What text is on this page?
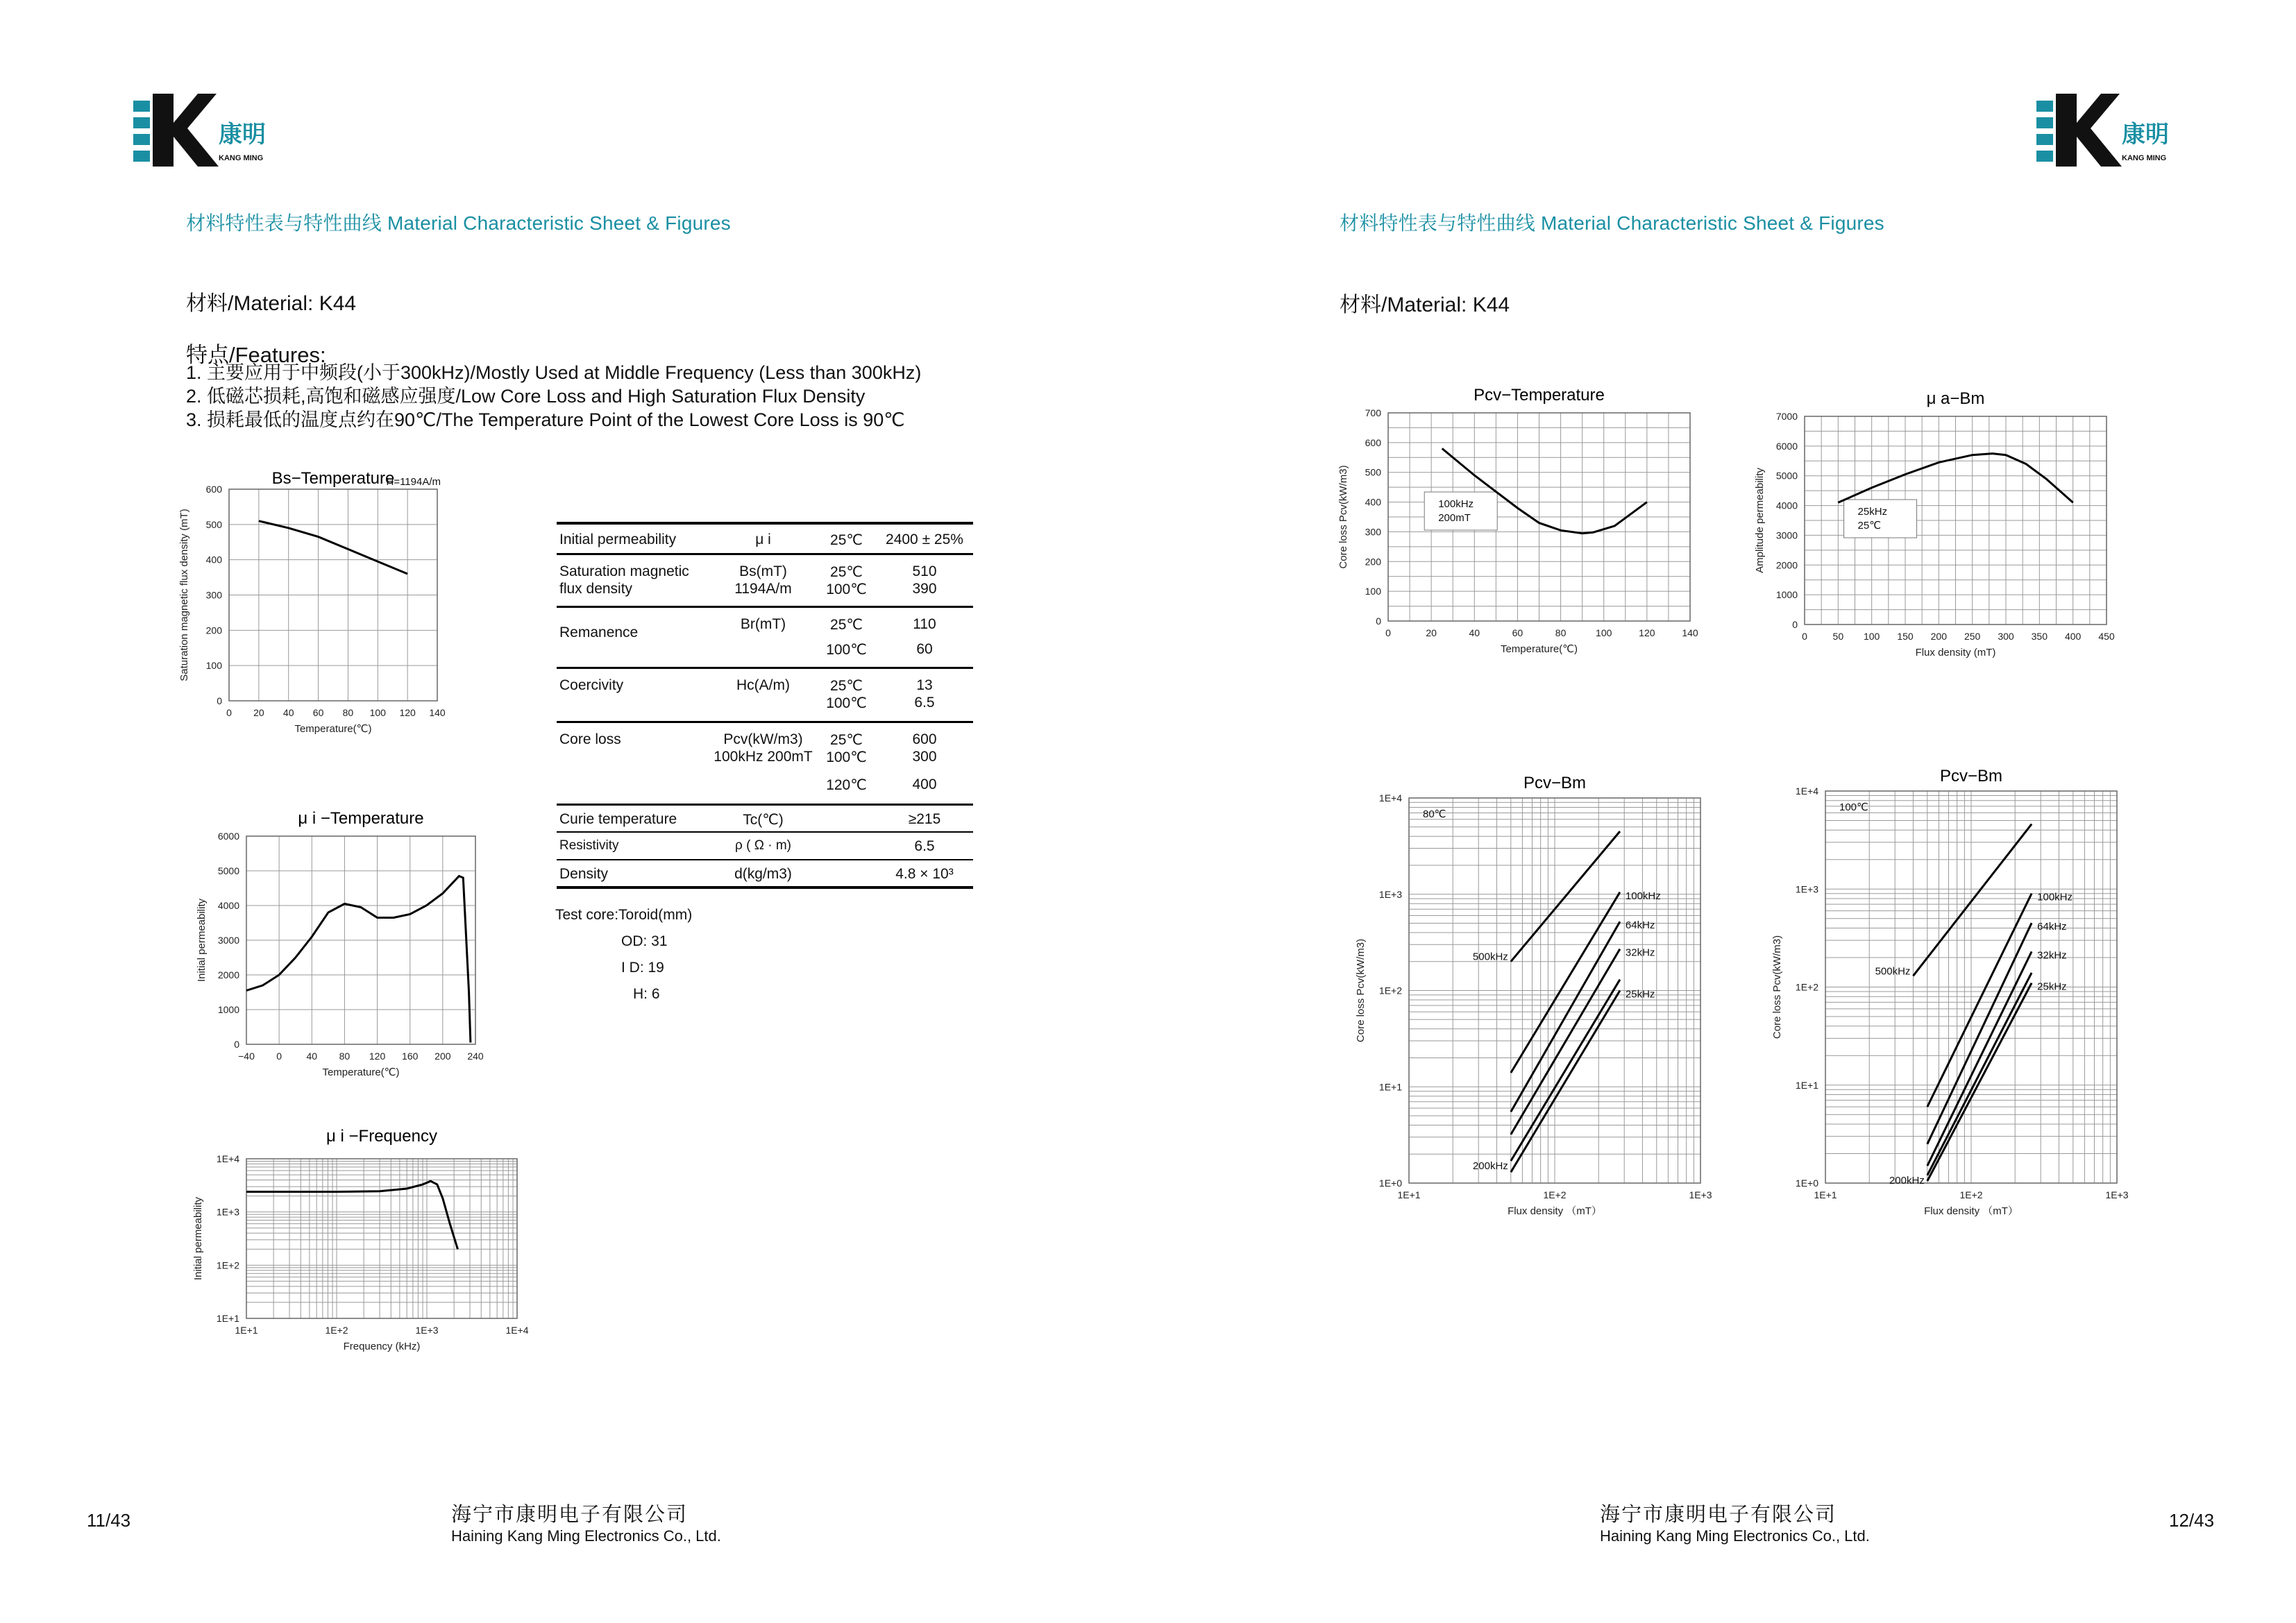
康明
KANG MING
康明
KANG MING
材料特性表与特性曲线 Material Characteristic Sheet & Figures	材料特性表与特性曲线 Material Characteristic Sheet & Figures
材料/Material: K44	材料/Material: K44
特点/Features:
1. 主要应用于中频段(小于300kHz)/Mostly Used at Middle Frequency (Less than 300kHz)
2. 低磁芯损耗,高饱和磁感应强度/Low Core Loss and High Saturation Flux Density
3. 损耗最低的温度点约在90℃/The Temperature Point of the Lowest Core Loss is 90℃
Initial permeability	μ i	25℃	2400 ± 25%
Saturation magnetic	Bs(mT)	25℃	510
flux density	1194A/m	100℃	390
Remanence	Br(mT)	25℃	110
		100℃	60
Coercivity	Hc(A/m)	25℃	13
		100℃	6.5
Core loss	Pcv(kW/m3)	25℃	600
	100kHz 200mT	100℃	300
		120℃	400
Curie temperature	Tc(℃)		≥215
Resistivity	ρ ( Ω · m)		6.5
Density	d(kg/m3)		4.8 × 10³
Test core:Toroid(mm)
OD: 31
I D: 19
H: 6
Bs−Temperature
0 20 40 60 80 100 120 140
0
100
200
300
400
500
600
Temperature(℃)
Saturation magnetic flux density (mT)
H=1194A/m
μ i −Temperature
−40 0	40 80 120 160 200 240
0
1000
2000
3000
4000
5000
6000
Temperature(℃)
Initial permeability
μ i −Frequency
1E+1	1E+2	1E+3	1E+4
1E+1
1E+2
1E+3
1E+4
Frequency (kHz)
Initial permeability
Pcv−Temperature
0	20	40	60	80	100	120	140
0
100
200
300
400
500
600
700
Temperature(℃)
Core loss Pcv(kW/m3)	100kHz
200mT
μ a−Bm
0	50 100 150 200 250 300 350 400 450
0
1000
2000
3000
4000
5000
6000
7000
Flux density (mT)
Amplitude permeability	25kHz
25℃
Pcv−Bm
1E+1	1E+2	1E+3
1E+0
1E+1
1E+2
1E+3
1E+4
Flux density （mT）
Core loss Pcv(kW/m3)
80℃
500kHz
100kHz
64kHz
32kHz
200kHz
25kHz
Pcv−Bm
1E+1	1E+2	1E+3
1E+0
1E+1
1E+2
1E+3
1E+4
Flux density （mT）
Core loss Pcv(kW/m3)
100℃
500kHz
100kHz
64kHz
32kHz
200kHz
25kHz
11/43	海宁市康明电子有限公司
Haining Kang Ming Electronics Co., Ltd.
海宁市康明电子有限公司
Haining Kang Ming Electronics Co., Ltd.
12/43
